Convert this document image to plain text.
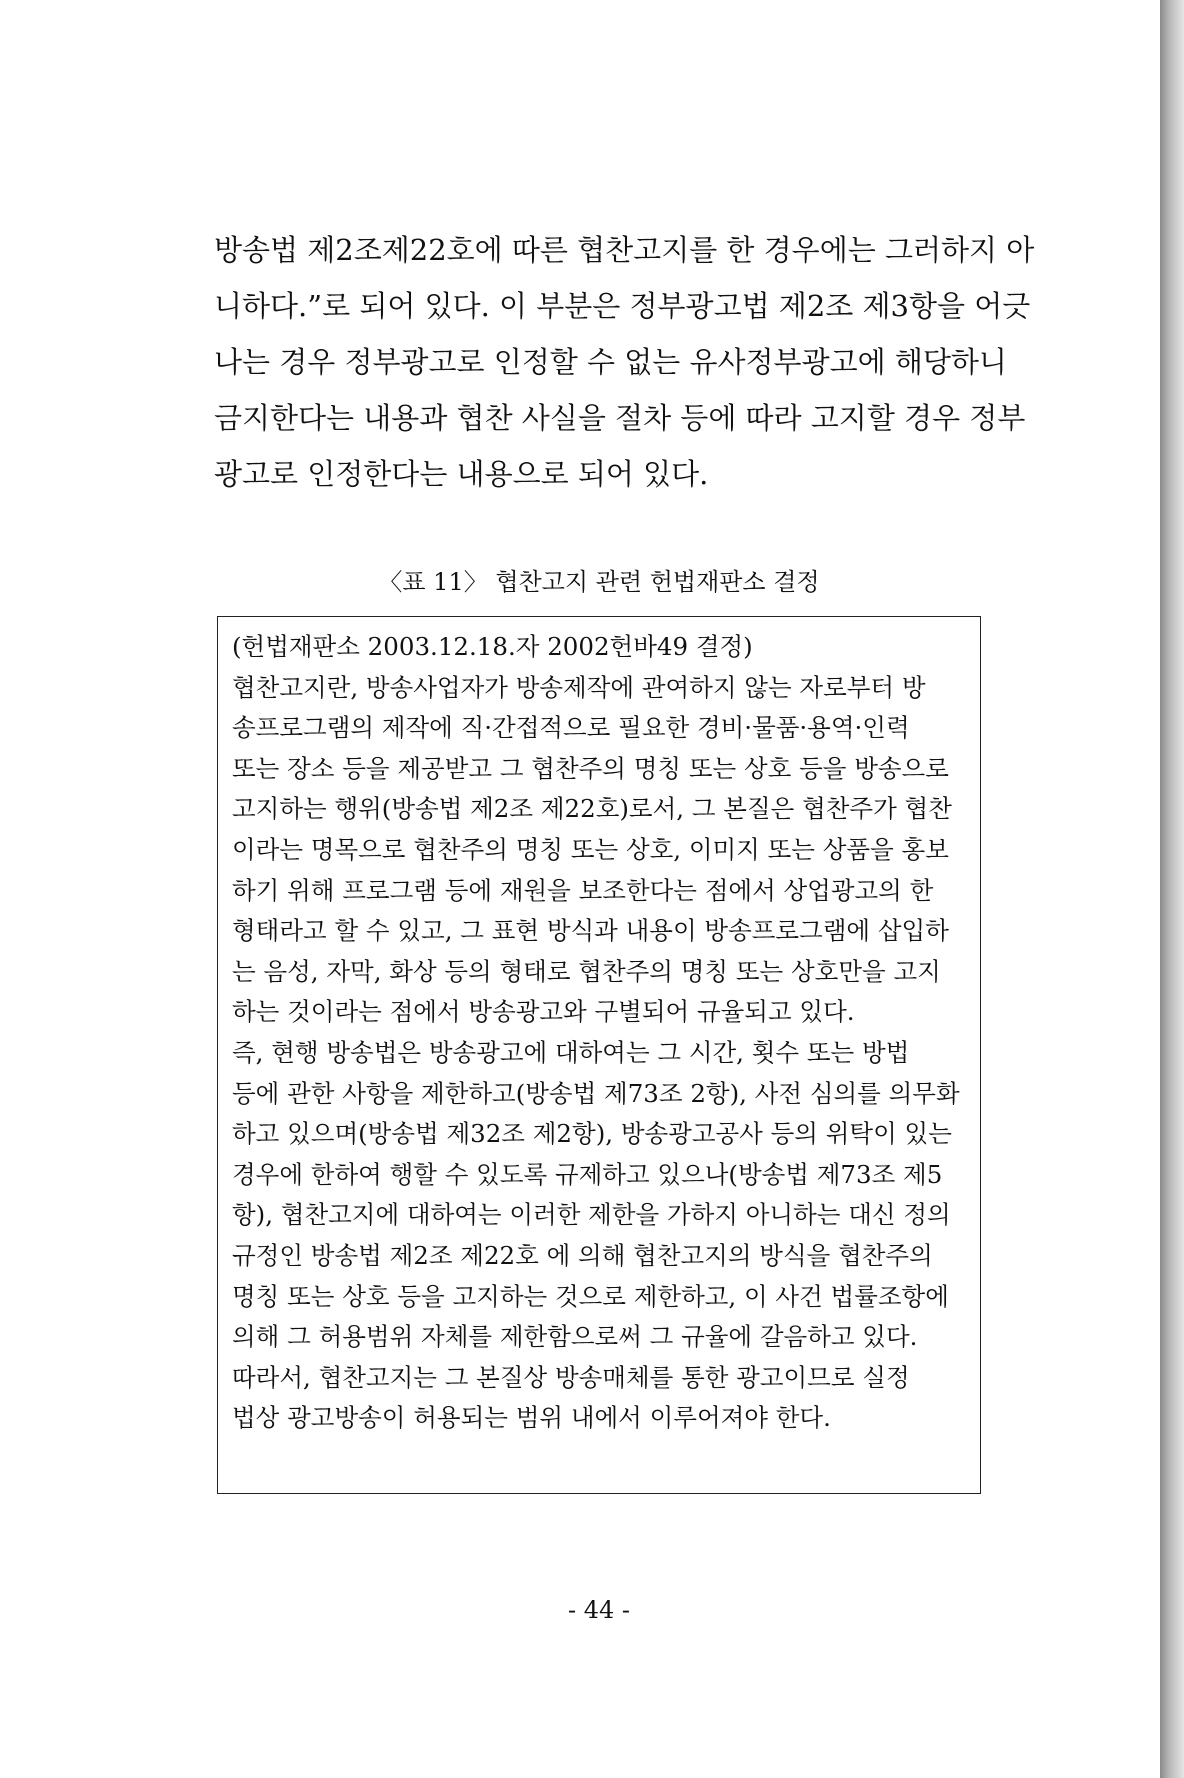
방송법 제2조제22호에 따른 협찬고지를 한 경우에는 그러하지 아
니하다.”로 되어 있다. 이 부분은 정부광고법 제2조 제3항을 어긋
나는 경우 정부광고로 인정할 수 없는 유사정부광고에 해당하니
금지한다는 내용과 협찬 사실을 절차 등에 따라 고지할 경우 정부
광고로 인정한다는 내용으로 되어 있다.
〈표 11〉 협찬고지 관련 헌법재판소 결정
(헌법재판소 2003.12.18.자 2002헌바49 결정)
협찬고지란, 방송사업자가 방송제작에 관여하지 않는 자로부터 방
송프로그램의 제작에 직·간접적으로 필요한 경비·물품·용역·인력
또는 장소 등을 제공받고 그 협찬주의 명칭 또는 상호 등을 방송으로
고지하는 행위(방송법 제2조 제22호)로서, 그 본질은 협찬주가 협찬
이라는 명목으로 협찬주의 명칭 또는 상호, 이미지 또는 상품을 홍보
하기 위해 프로그램 등에 재원을 보조한다는 점에서 상업광고의 한
형태라고 할 수 있고, 그 표현 방식과 내용이 방송프로그램에 삽입하
는 음성, 자막, 화상 등의 형태로 협찬주의 명칭 또는 상호만을 고지
하는 것이라는 점에서 방송광고와 구별되어 규율되고 있다.
즉, 현행 방송법은 방송광고에 대하여는 그 시간, 횟수 또는 방법
등에 관한 사항을 제한하고(방송법 제73조 2항), 사전 심의를 의무화
하고 있으며(방송법 제32조 제2항), 방송광고공사 등의 위탁이 있는
경우에 한하여 행할 수 있도록 규제하고 있으나(방송법 제73조 제5
항), 협찬고지에 대하여는 이러한 제한을 가하지 아니하는 대신 정의
규정인 방송법 제2조 제22호 에 의해 협찬고지의 방식을 협찬주의
명칭 또는 상호 등을 고지하는 것으로 제한하고, 이 사건 법률조항에
의해 그 허용범위 자체를 제한함으로써 그 규율에 갈음하고 있다.
따라서, 협찬고지는 그 본질상 방송매체를 통한 광고이므로 실정
법상 광고방송이 허용되는 범위 내에서 이루어져야 한다.
- 44 -
